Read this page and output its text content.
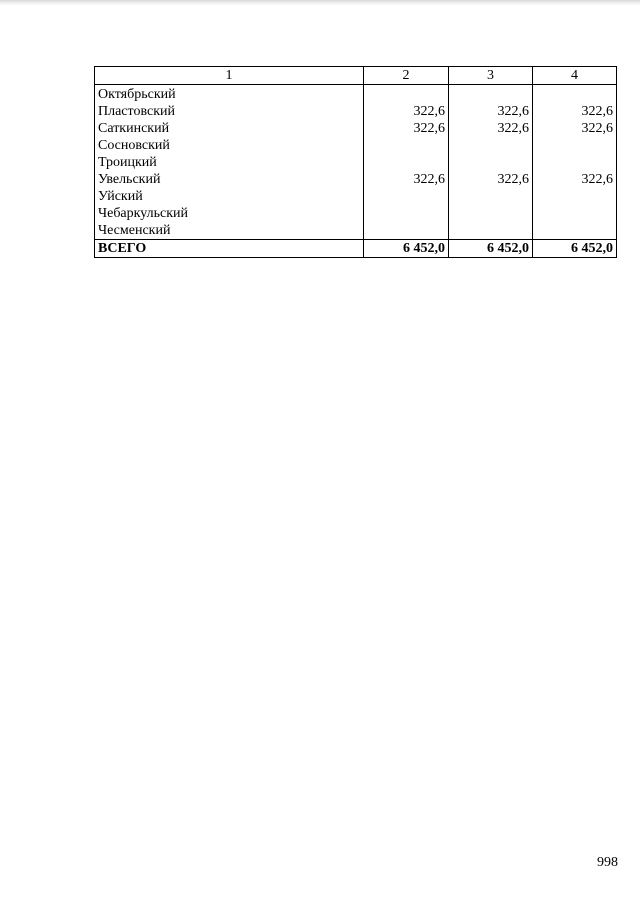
1	2	3	4
Октябрьский			
Пластовский	322,6	322,6	322,6
Саткинский	322,6	322,6	322,6
Сосновский			
Троицкий			
Увельский	322,6	322,6	322,6
Уйский			
Чебаркульский			
Чесменский			
ВСЕГО	6 452,0	6 452,0	6 452,0
998
